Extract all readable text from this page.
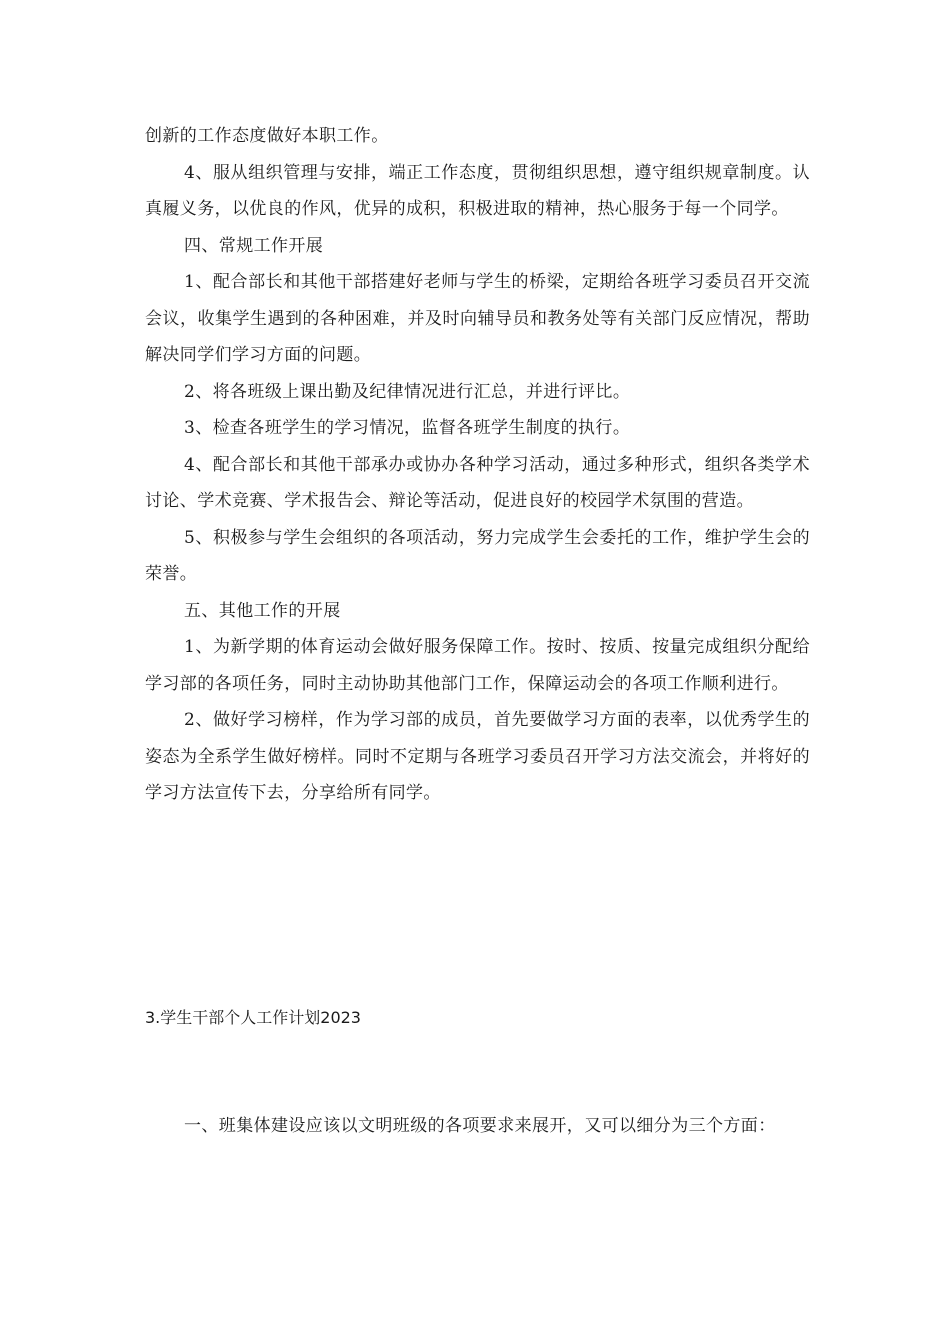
创新的工作态度做好本职工作。

4、服从组织管理与安排，端正工作态度，贯彻组织思想，遵守组织规章制度。认真履义务，以优良的作风，优异的成积，积极进取的精神，热心服务于每一个同学。

四、常规工作开展

1、配合部长和其他干部搭建好老师与学生的桥梁，定期给各班学习委员召开交流会议，收集学生遇到的各种困难，并及时向辅导员和教务处等有关部门反应情况，帮助解决同学们学习方面的问题。

2、将各班级上课出勤及纪律情况进行汇总，并进行评比。

3、检查各班学生的学习情况，监督各班学生制度的执行。

4、配合部长和其他干部承办或协办各种学习活动，通过多种形式，组织各类学术讨论、学术竞赛、学术报告会、辩论等活动，促进良好的校园学术氛围的营造。

5、积极参与学生会组织的各项活动，努力完成学生会委托的工作，维护学生会的荣誉。

五、其他工作的开展

1、为新学期的体育运动会做好服务保障工作。按时、按质、按量完成组织分配给学习部的各项任务，同时主动协助其他部门工作，保障运动会的各项工作顺利进行。

2、做好学习榜样，作为学习部的成员，首先要做学习方面的表率，以优秀学生的姿态为全系学生做好榜样。同时不定期与各班学习委员召开学习方法交流会，并将好的学习方法宣传下去，分享给所有同学。

3.学生干部个人工作计划2023

一、班集体建设应该以文明班级的各项要求来展开，又可以细分为三个方面：
